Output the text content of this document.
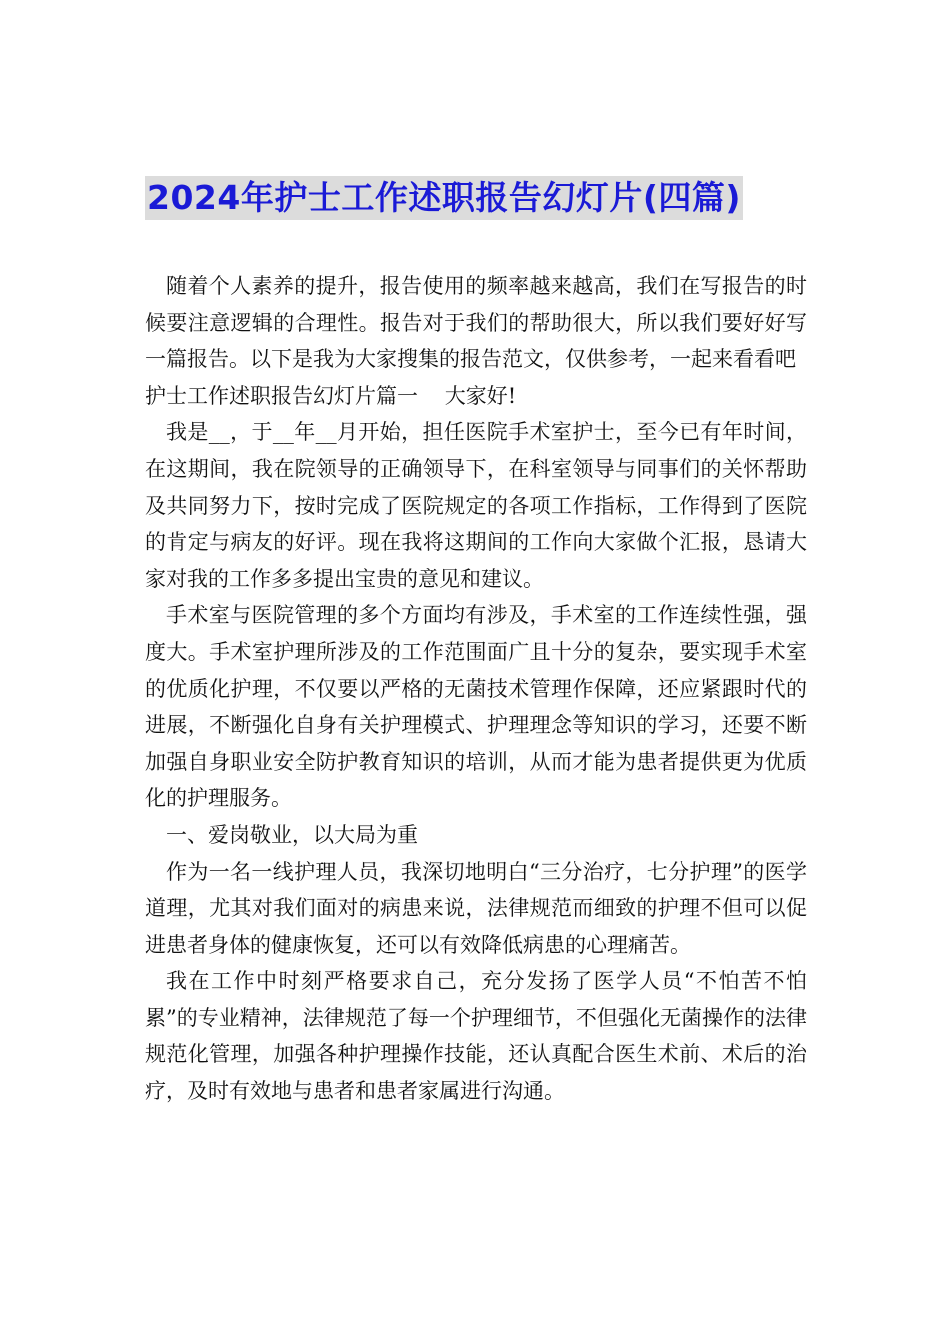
2024年护士工作述职报告幻灯片(四篇)

随着个人素养的提升，报告使用的频率越来越高，我们在写报告的时候要注意逻辑的合理性。报告对于我们的帮助很大，所以我们要好好写一篇报告。以下是我为大家搜集的报告范文，仅供参考，一起来看看吧

护士工作述职报告幻灯片篇一    大家好!

我是__，于__年__月开始，担任医院手术室护士，至今已有年时间，在这期间，我在院领导的正确领导下，在科室领导与同事们的关怀帮助及共同努力下，按时完成了医院规定的各项工作指标，工作得到了医院的肯定与病友的好评。现在我将这期间的工作向大家做个汇报，恳请大家对我的工作多多提出宝贵的意见和建议。

手术室与医院管理的多个方面均有涉及，手术室的工作连续性强，强度大。手术室护理所涉及的工作范围面广且十分的复杂，要实现手术室的优质化护理，不仅要以严格的无菌技术管理作保障，还应紧跟时代的进展，不断强化自身有关护理模式、护理理念等知识的学习，还要不断加强自身职业安全防护教育知识的培训，从而才能为患者提供更为优质化的护理服务。

一、爱岗敬业，以大局为重

作为一名一线护理人员，我深切地明白“三分治疗，七分护理”的医学道理，尤其对我们面对的病患来说，法律规范而细致的护理不但可以促进患者身体的健康恢复，还可以有效降低病患的心理痛苦。

我在工作中时刻严格要求自己，充分发扬了医学人员“不怕苦不怕累”的专业精神，法律规范了每一个护理细节，不但强化无菌操作的法律规范化管理，加强各种护理操作技能，还认真配合医生术前、术后的治疗，及时有效地与患者和患者家属进行沟通。
